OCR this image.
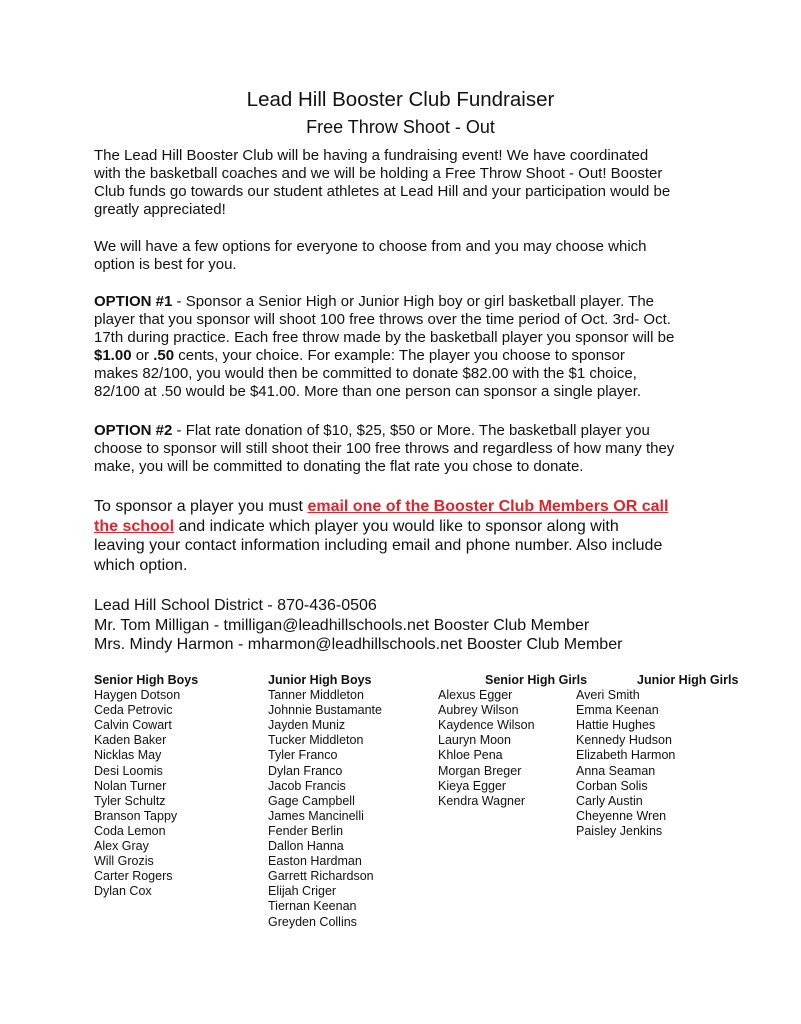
Lead Hill Booster Club Fundraiser
Free Throw Shoot - Out
The Lead Hill Booster Club will be having a fundraising event! We have coordinated
with the basketball coaches and we will be holding a Free Throw Shoot - Out! Booster
Club funds go towards our student athletes at Lead Hill and your participation would be
greatly appreciated!
We will have a few options for everyone to choose from and you may choose which
option is best for you.
OPTION #1 - Sponsor a Senior High or Junior High boy or girl basketball player. The
player that you sponsor will shoot 100 free throws over the time period of Oct. 3rd- Oct.
17th during practice. Each free throw made by the basketball player you sponsor will be
$1.00 or .50 cents, your choice. For example: The player you choose to sponsor
makes 82/100, you would then be committed to donate $82.00 with the $1 choice,
82/100 at .50 would be $41.00. More than one person can sponsor a single player.
OPTION #2 - Flat rate donation of $10, $25, $50 or More. The basketball player you
choose to sponsor will still shoot their 100 free throws and regardless of how many they
make, you will be committed to donating the flat rate you chose to donate.
To sponsor a player you must email one of the Booster Club Members OR call
the school and indicate which player you would like to sponsor along with
leaving your contact information including email and phone number. Also include
which option.
Lead Hill School District - 870-436-0506
Mr. Tom Milligan - tmilligan@leadhillschools.net Booster Club Member
Mrs. Mindy Harmon - mharmon@leadhillschools.net Booster Club Member
Senior High Boys
Haygen Dotson
Ceda Petrovic
Calvin Cowart
Kaden Baker
Nicklas May
Desi Loomis
Nolan Turner
Tyler Schultz
Branson Tappy
Coda Lemon
Alex Gray
Will Grozis
Carter Rogers
Dylan Cox
Junior High Boys
Tanner Middleton
Johnnie Bustamante
Jayden Muniz
Tucker Middleton
Tyler Franco
Dylan Franco
Jacob Francis
Gage Campbell
James Mancinelli
Fender Berlin
Dallon Hanna
Easton Hardman
Garrett Richardson
Elijah Criger
Tiernan Keenan
Greyden Collins
Senior High Girls
Alexus Egger
Aubrey Wilson
Kaydence Wilson
Lauryn Moon
Khloe Pena
Morgan Breger
Kieya Egger
Kendra Wagner
Junior High Girls
Averi Smith
Emma Keenan
Hattie Hughes
Kennedy Hudson
Elizabeth Harmon
Anna Seaman
Corban Solis
Carly Austin
Cheyenne Wren
Paisley Jenkins
